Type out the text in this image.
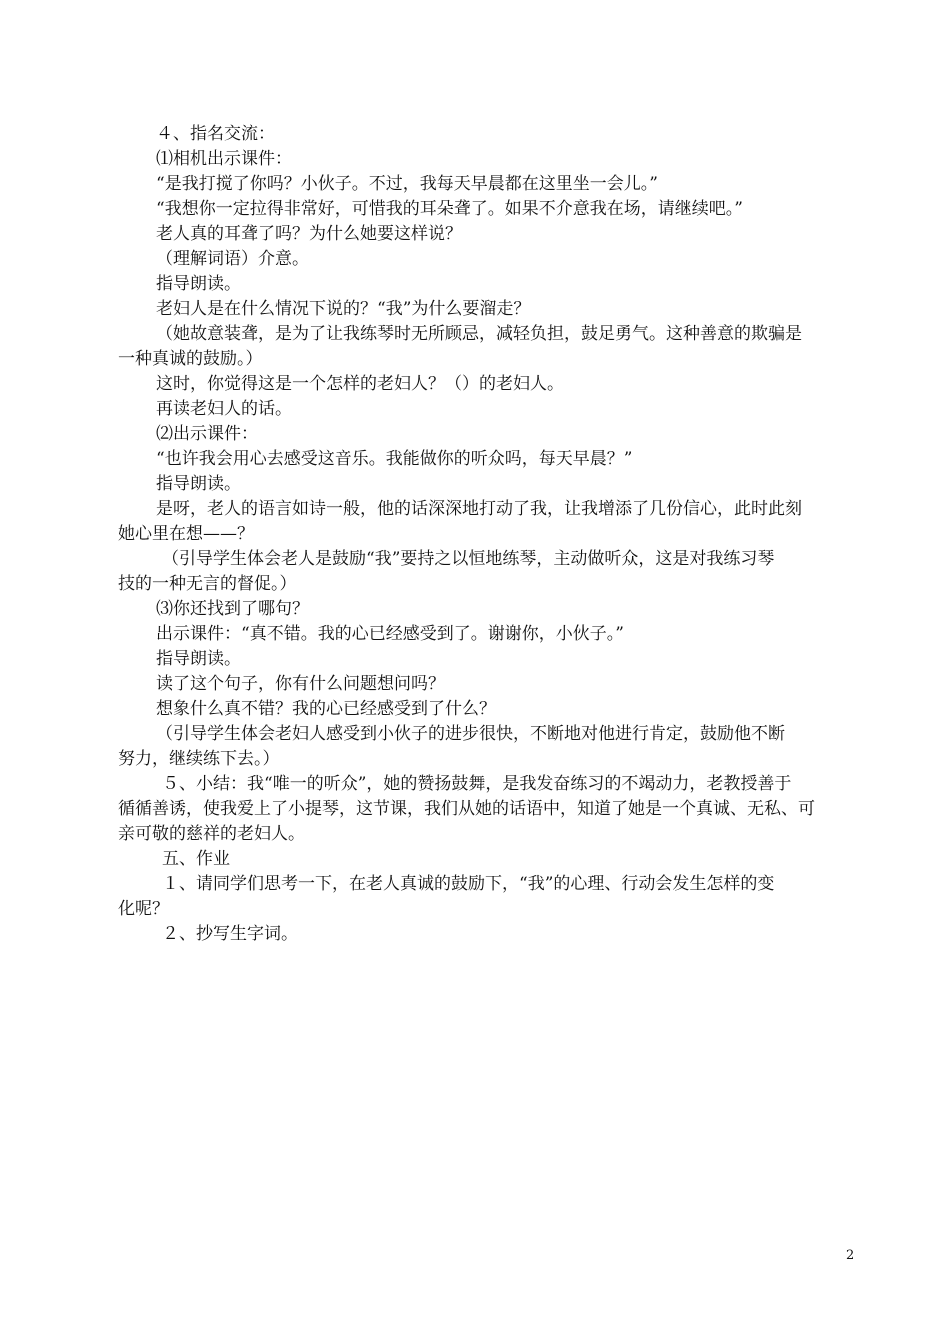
４、指名交流：

⑴相机出示课件：

“是我打搅了你吗？小伙子。不过，我每天早晨都在这里坐一会儿。”

“我想你一定拉得非常好，可惜我的耳朵聋了。如果不介意我在场，请继续吧。”

老人真的耳聋了吗？为什么她要这样说？

（理解词语）介意。

指导朗读。

老妇人是在什么情况下说的？“我”为什么要溜走？

（她故意装聋，是为了让我练琴时无所顾忌，减轻负担，鼓足勇气。这种善意的欺骗是

一种真诚的鼓励。）

这时，你觉得这是一个怎样的老妇人？（）的老妇人。

再读老妇人的话。

⑵出示课件：

“也许我会用心去感受这音乐。我能做你的听众吗，每天早晨？”

指导朗读。

是呀，老人的语言如诗一般，他的话深深地打动了我，让我增添了几份信心，此时此刻

她心里在想——？

（引导学生体会老人是鼓励“我”要持之以恒地练琴，主动做听众，这是对我练习琴

技的一种无言的督促。）

⑶你还找到了哪句？

出示课件：“真不错。我的心已经感受到了。谢谢你，小伙子。”

指导朗读。

读了这个句子，你有什么问题想问吗？

想象什么真不错？我的心已经感受到了什么？

（引导学生体会老妇人感受到小伙子的进步很快，不断地对他进行肯定，鼓励他不断

努力，继续练下去。）

５、小结：我“唯一的听众”，她的赞扬鼓舞，是我发奋练习的不竭动力，老教授善于

循循善诱，使我爱上了小提琴，这节课，我们从她的话语中，知道了她是一个真诚、无私、可

亲可敬的慈祥的老妇人。

五、作业

１、请同学们思考一下，在老人真诚的鼓励下，“我”的心理、行动会发生怎样的变

化呢？

２、抄写生字词。

2
